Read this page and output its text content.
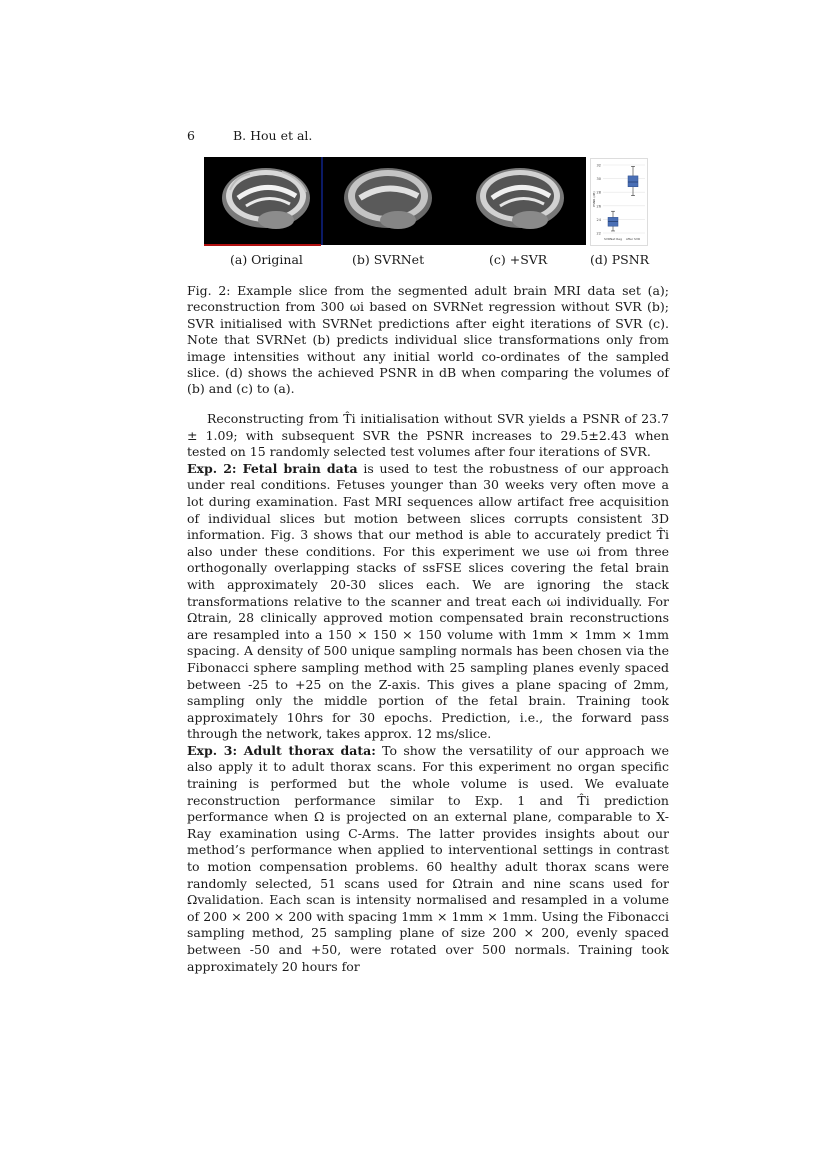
6	B. Hou et al.
32
30
28
26
24
22
PSNR (dB)
SVRNet Reg After SVR
(a) Original	(b) SVRNet	(c) +SVR	(d) PSNR
Fig. 2: Example slice from the segmented adult brain MRI data set (a); reconstruction from 300 ωi based on SVRNet regression without SVR (b); SVR initialised with SVRNet predictions after eight iterations of SVR (c). Note that SVRNet (b) predicts individual slice transformations only from image intensities without any initial world co-ordinates of the sampled slice. (d) shows the achieved PSNR in dB when comparing the volumes of (b) and (c) to (a).

Reconstructing from T̂i initialisation without SVR yields a PSNR of 23.7 ± 1.09; with subsequent SVR the PSNR increases to 29.5±2.43 when tested on 15 randomly selected test volumes after four iterations of SVR.

Exp. 2: Fetal brain data is used to test the robustness of our approach under real conditions. Fetuses younger than 30 weeks very often move a lot during examination. Fast MRI sequences allow artifact free acquisition of individual slices but motion between slices corrupts consistent 3D information. Fig. 3 shows that our method is able to accurately predict T̂i also under these conditions. For this experiment we use ωi from three orthogonally overlapping stacks of ssFSE slices covering the fetal brain with approximately 20-30 slices each. We are ignoring the stack transformations relative to the scanner and treat each ωi individually. For Ωtrain, 28 clinically approved motion compensated brain reconstructions are resampled into a 150 × 150 × 150 volume with 1mm × 1mm × 1mm spacing. A density of 500 unique sampling normals has been chosen via the Fibonacci sphere sampling method with 25 sampling planes evenly spaced between -25 to +25 on the Z-axis. This gives a plane spacing of 2mm, sampling only the middle portion of the fetal brain. Training took approximately 10hrs for 30 epochs. Prediction, i.e., the forward pass through the network, takes approx. 12 ms/slice.

Exp. 3: Adult thorax data: To show the versatility of our approach we also apply it to adult thorax scans. For this experiment no organ specific training is performed but the whole volume is used. We evaluate reconstruction performance similar to Exp. 1 and T̂i prediction performance when Ω is projected on an external plane, comparable to X-Ray examination using C-Arms. The latter provides insights about our method’s performance when applied to interventional settings in contrast to motion compensation problems. 60 healthy adult thorax scans were randomly selected, 51 scans used for Ωtrain and nine scans used for Ωvalidation. Each scan is intensity normalised and resampled in a volume of 200 × 200 × 200 with spacing 1mm × 1mm × 1mm. Using the Fibonacci sampling method, 25 sampling plane of size 200 × 200, evenly spaced between -50 and +50, were rotated over 500 normals. Training took approximately 20 hours for
